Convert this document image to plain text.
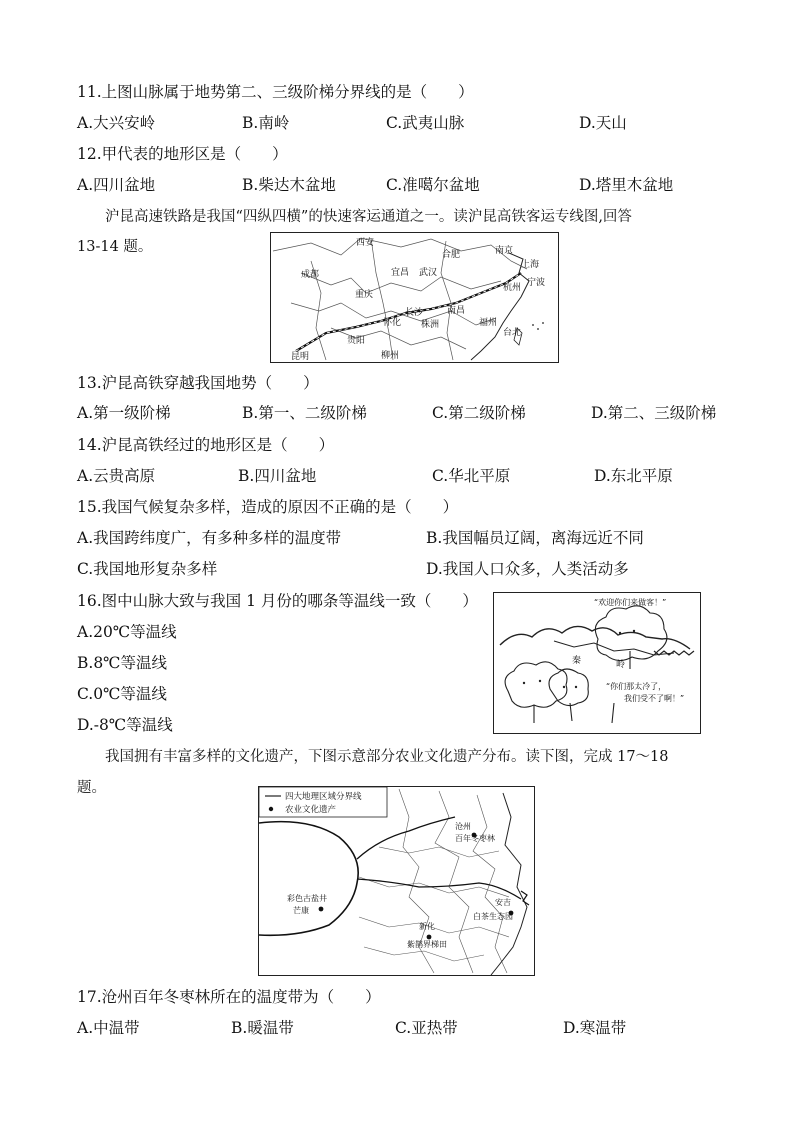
11.上图山脉属于地势第二、三级阶梯分界线的是（　　）
A.大兴安岭	B.南岭	C.武夷山脉	D.天山
12.甲代表的地形区是（　　）
A.四川盆地	B.柴达木盆地	C.准噶尔盆地	D.塔里木盆地
沪昆高速铁路是我国“四纵四横”的快速客运通道之一。读沪昆高铁客运专线图,回答
13-14 题。	西安
合肥	南京
上海
成都	宜昌 武汉
杭州 宁波
重庆
长沙	南昌
怀化 株洲	福州
贵阳
台北
昆明	柳州
13.沪昆高铁穿越我国地势（　　）
A.第一级阶梯	B.第一、二级阶梯	C.第二级阶梯	D.第二、三级阶梯
14.沪昆高铁经过的地形区是（　　）
A.云贵高原	B.四川盆地	C.华北平原	D.东北平原
15.我国气候复杂多样，造成的原因不正确的是（　　）
A.我国跨纬度广，有多种多样的温度带	B.我国幅员辽阔，离海远近不同
C.我国地形复杂多样	D.我国人口众多，人类活动多
16.图中山脉大致与我国 1 月份的哪条等温线一致（　　）
A.20℃等温线
B.8℃等温线
C.0℃等温线
D.-8℃等温线
秦	岭
“欢迎你们来做客！”
“你们那太冷了，
我们受不了啊！”
我国拥有丰富多样的文化遗产，下图示意部分农业文化遗产分布。读下图，完成 17～18
题。
四大地理区域分界线
农业文化遗产
沧州
百年冬枣林
彩色古盐井
芒康
新化
紫鹊界梯田
安吉
白茶生态园
17.沧州百年冬枣林所在的温度带为（　　）
A.中温带	B.暖温带	C.亚热带	D.寒温带
